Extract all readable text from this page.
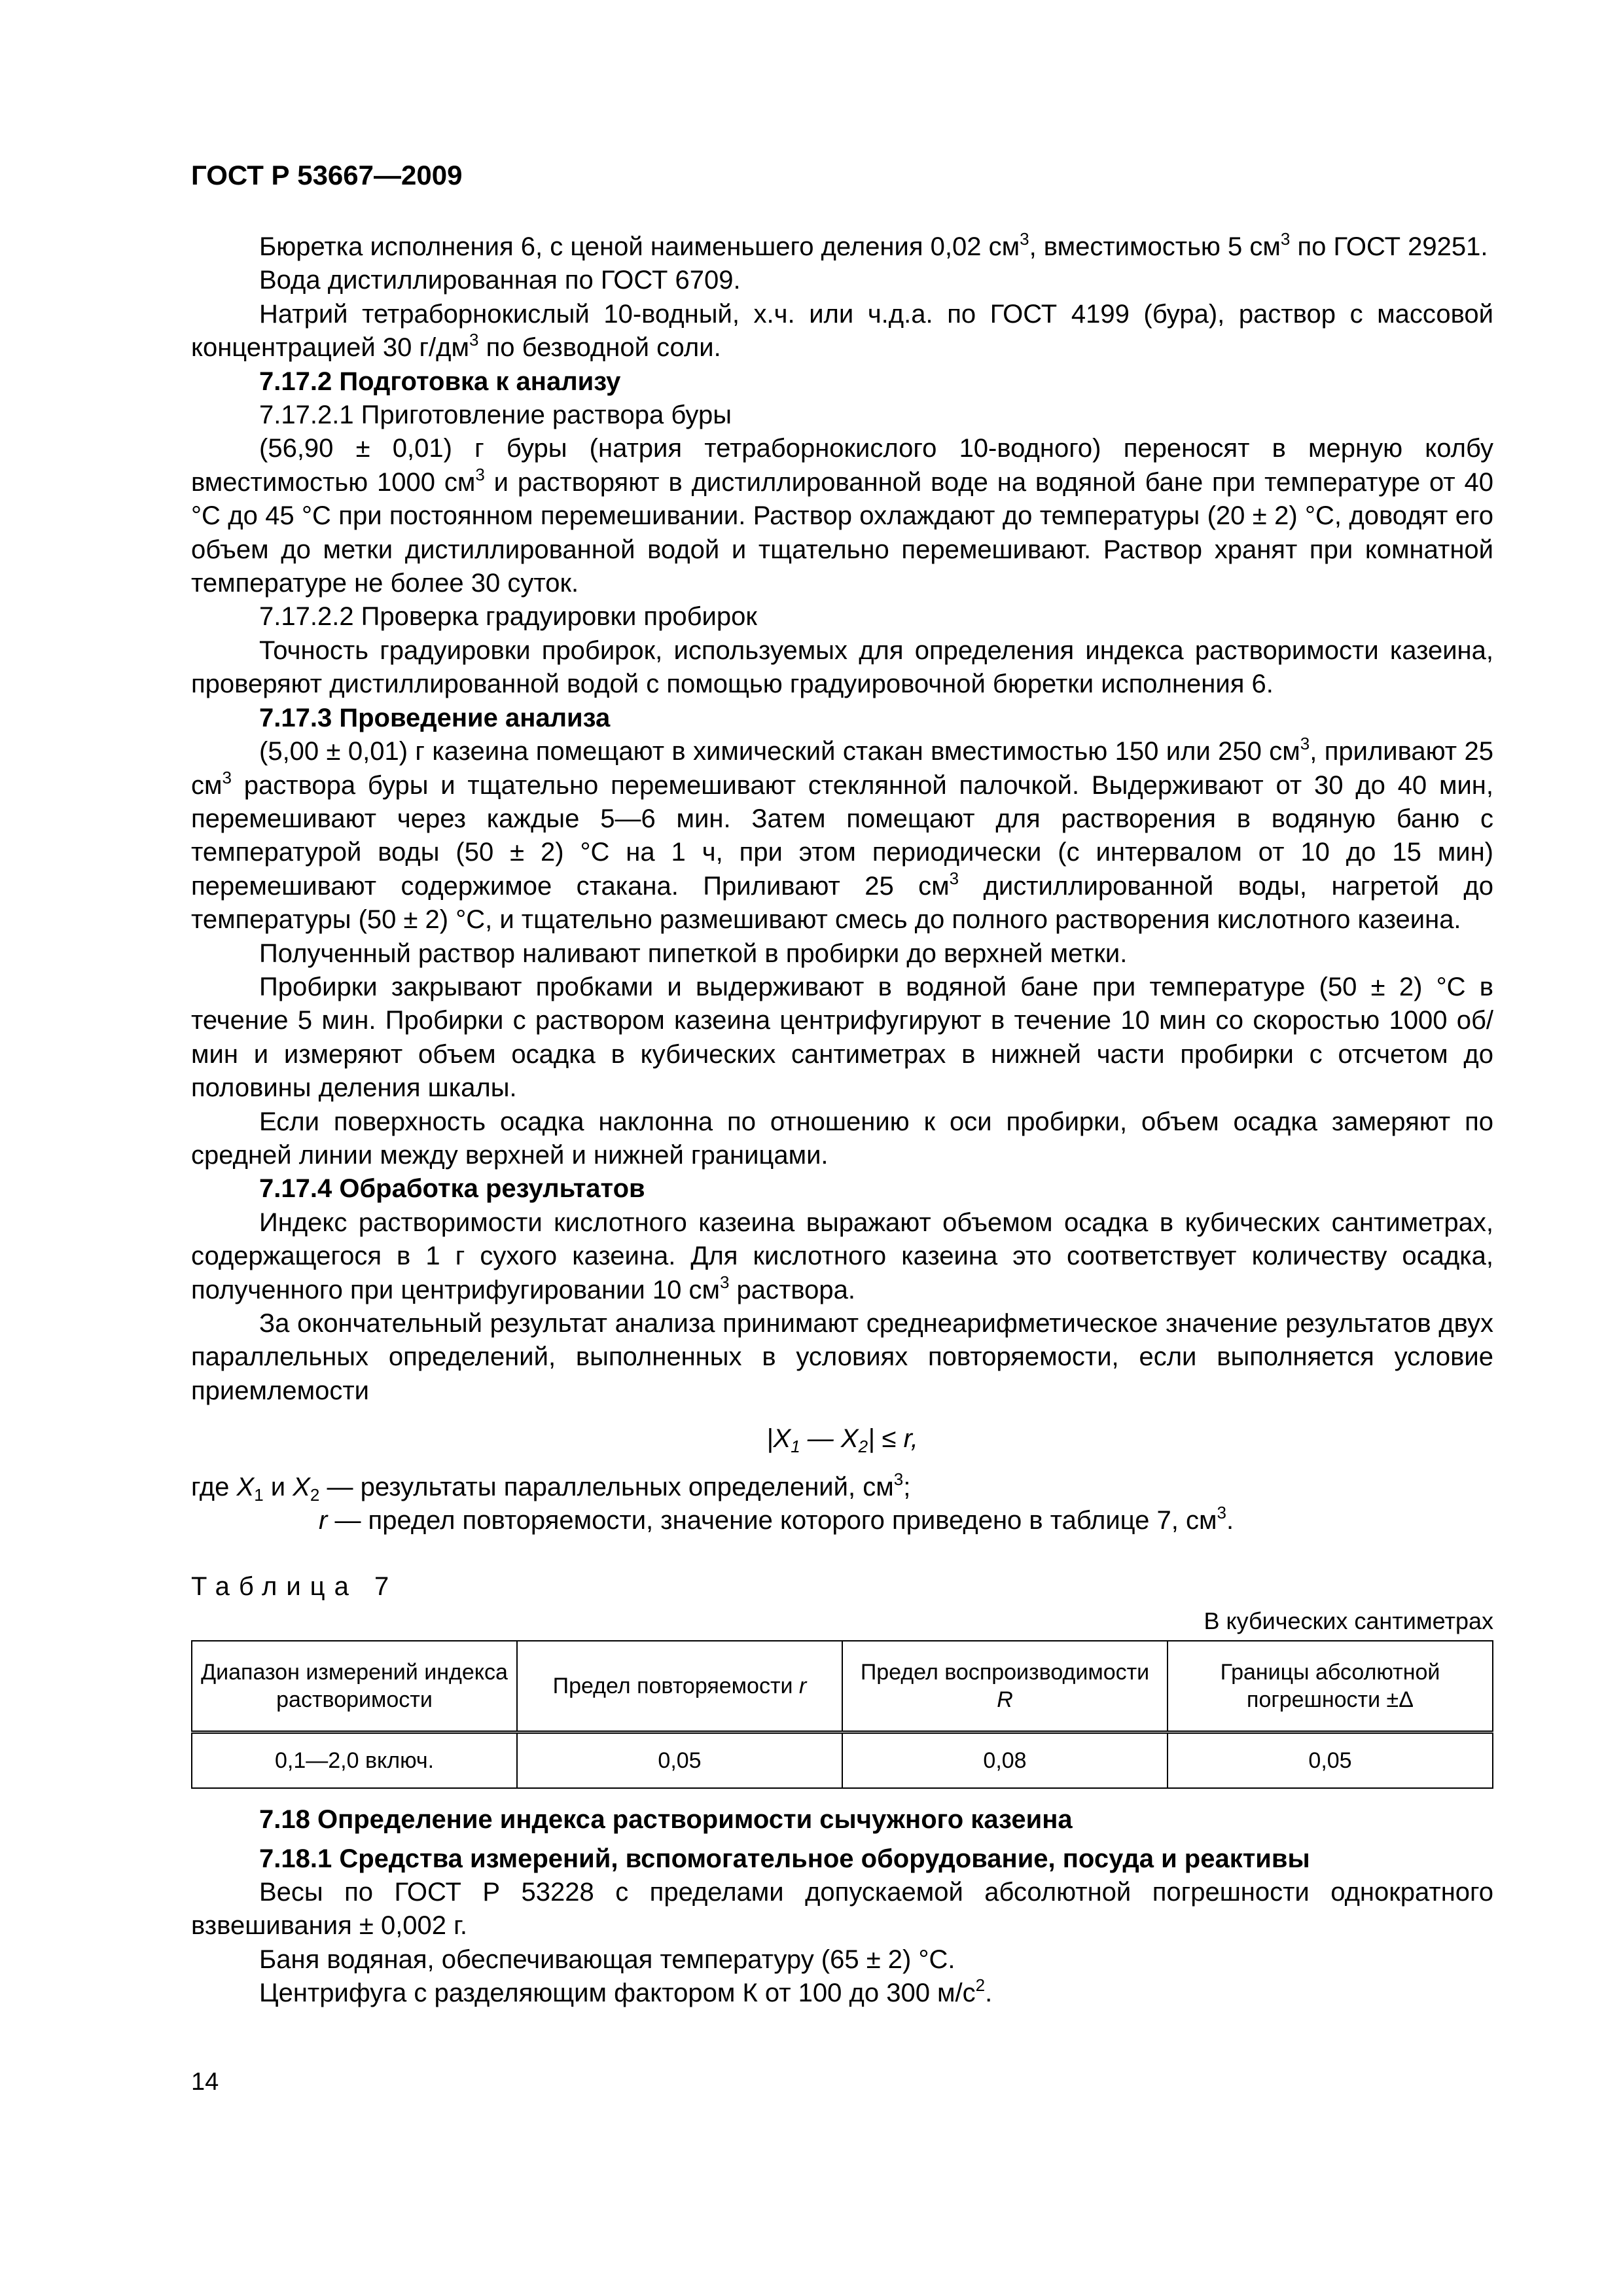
ГОСТ Р 53667—2009

Бюретка исполнения 6, с ценой наименьшего деления 0,02 $см^3$, вместимостью 5 $см^3$ по ГОСТ 29251.

Вода дистиллированная по ГОСТ 6709.

Натрий тетраборнокислый 10-водный, х.ч. или ч.д.а. по ГОСТ 4199 (бура), раствор с массовой концентрацией 30 $г/дм^3$ по безводной соли.

7.17.2 Подготовка к анализу

7.17.2.1 Приготовление раствора буры

(56,90 ± 0,01) г буры (натрия тетраборнокислого 10-водного) переносят в мерную колбу вместимостью 1000 $см^3$ и растворяют в дистиллированной воде на водяной бане при температуре от 40 °С до 45 °С при постоянном перемешивании. Раствор охлаждают до температуры (20 ± 2) °С, доводят его объем до метки дистиллированной водой и тщательно перемешивают. Раствор хранят при комнатной температуре не более 30 суток.

7.17.2.2 Проверка градуировки пробирок

Точность градуировки пробирок, используемых для определения индекса растворимости казеина, проверяют дистиллированной водой с помощью градуировочной бюретки исполнения 6.

7.17.3 Проведение анализа

(5,00 ± 0,01) г казеина помещают в химический стакан вместимостью 150 или 250 $см^3$, приливают 25 $см^3$ раствора буры и тщательно перемешивают стеклянной палочкой. Выдерживают от 30 до 40 мин, перемешивают через каждые 5—6 мин. Затем помещают для растворения в водяную баню с температурой воды (50 ± 2) °С на 1 ч, при этом периодически (с интервалом от 10 до 15 мин) перемешивают содержимое стакана. Приливают 25 $см^3$ дистиллированной воды, нагретой до температуры (50 ± 2) °С, и тщательно размешивают смесь до полного растворения кислотного казеина.

Полученный раствор наливают пипеткой в пробирки до верхней метки.

Пробирки закрывают пробками и выдерживают в водяной бане при температуре (50 ± 2) °С в течение 5 мин. Пробирки с раствором казеина центрифугируют в течение 10 мин со скоростью 1000 об/мин и измеряют объем осадка в кубических сантиметрах в нижней части пробирки с отсчетом до половины деления шкалы.

Если поверхность осадка наклонна по отношению к оси пробирки, объем осадка замеряют по средней линии между верхней и нижней границами.

7.17.4 Обработка результатов

Индекс растворимости кислотного казеина выражают объемом осадка в кубических сантиметрах, содержащегося в 1 г сухого казеина. Для кислотного казеина это соответствует количеству осадка, полученного при центрифугировании 10 $см^3$ раствора.

За окончательный результат анализа принимают среднеарифметическое значение результатов двух параллельных определений, выполненных в условиях повторяемости, если выполняется условие приемлемости

$|X_1$ — $X_2| \le r$,

где $X_1$ и $X_2$ — результаты параллельных определений, $см^3$;

r — предел повторяемости, значение которого приведено в таблице 7, $см^3$.

Таблица 7

В кубических сантиметрах

Диапазон измерений индекса растворимости	Предел повторяемости r	Предел воспроизводимости R	Границы абсолютной погрешности ±Δ
0,1—2,0 включ.	0,05	0,08	0,05

7.18 Определение индекса растворимости сычужного казеина

7.18.1 Средства измерений, вспомогательное оборудование, посуда и реактивы

Весы по ГОСТ Р 53228 с пределами допускаемой абсолютной погрешности однократного взвешивания ± 0,002 г.

Баня водяная, обеспечивающая температуру (65 ± 2) °С.

Центрифуга с разделяющим фактором К от 100 до 300 $м/с^2$.

14
